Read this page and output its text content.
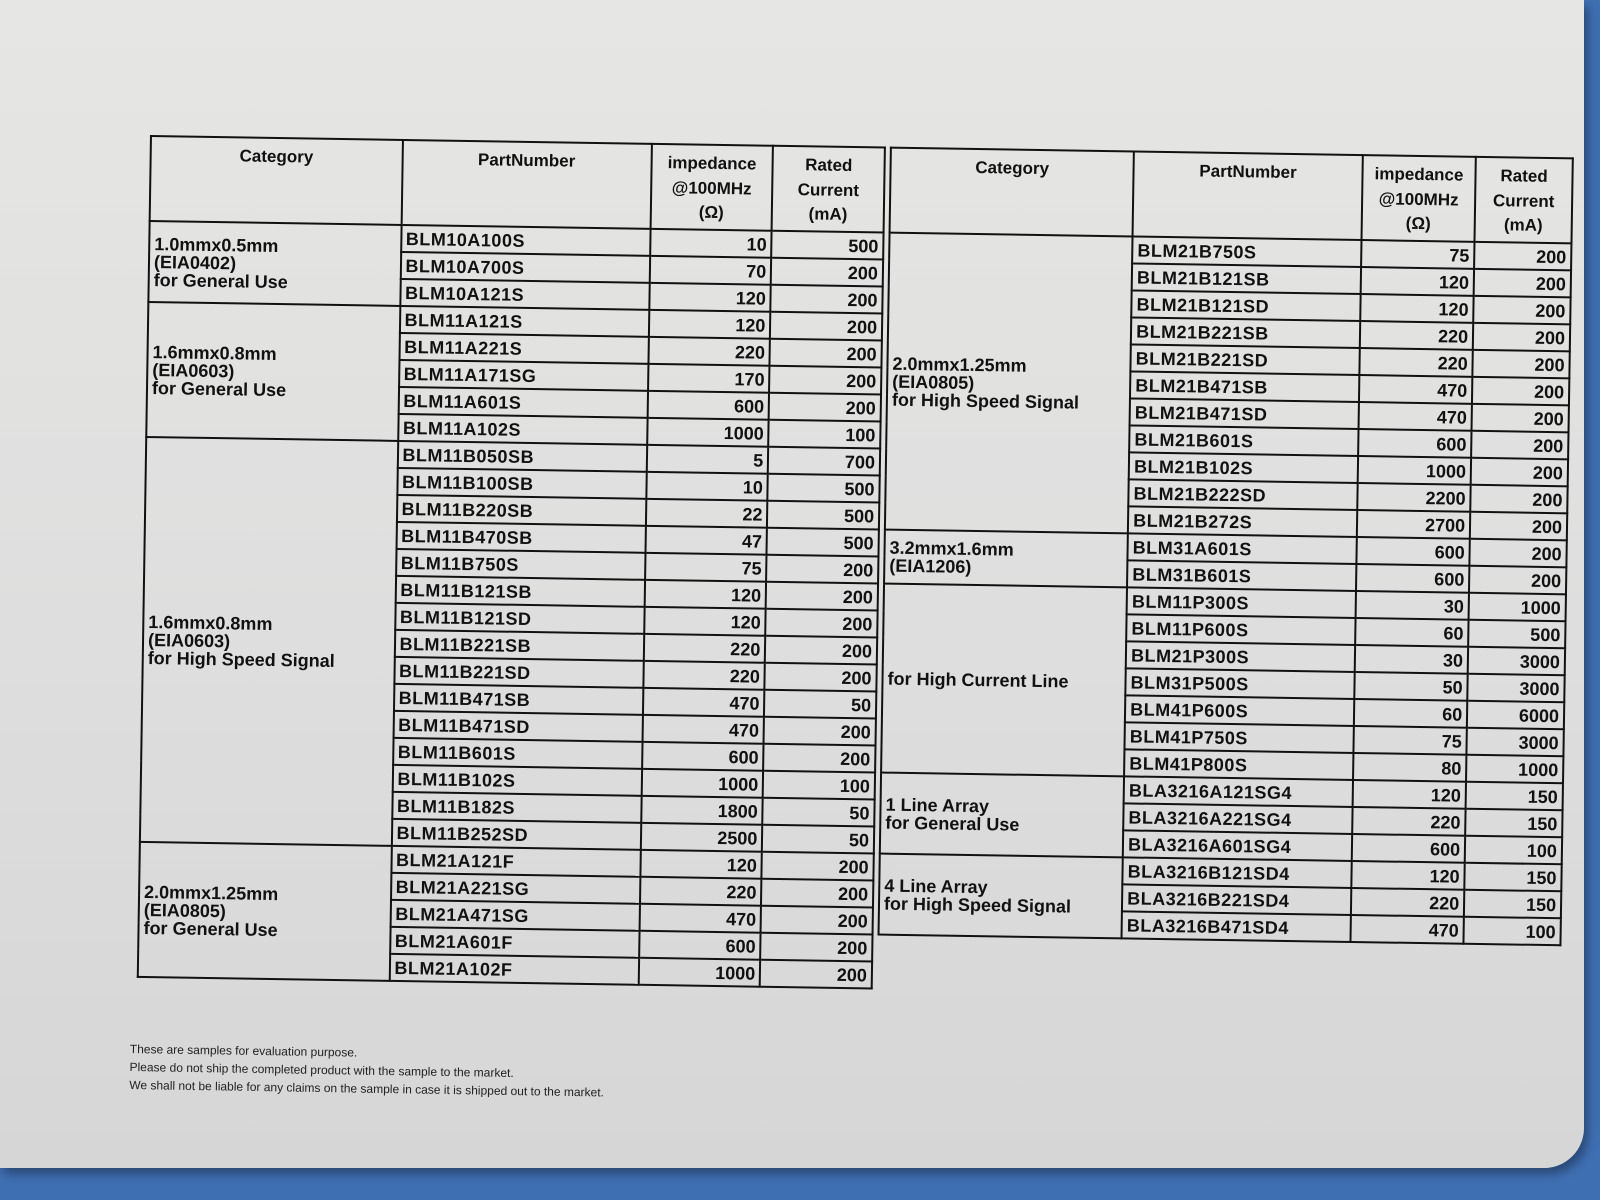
Category	PartNumber	impedance
@100MHz
(Ω)	Rated
Current
(mA)

1.0mmx0.5mm
(EIA0402)
for General Use	BLM10A100S	10	500
	BLM10A700S	70	200
	BLM10A121S	120	200

1.6mmx0.8mm
(EIA0603)
for General Use	BLM11A121S	120	200
	BLM11A221S	220	200
	BLM11A171SG	170	200
	BLM11A601S	600	200
	BLM11A102S	1000	100

1.6mmx0.8mm
(EIA0603)
for High Speed Signal	BLM11B050SB	5	700
	BLM11B100SB	10	500
	BLM11B220SB	22	500
	BLM11B470SB	47	500
	BLM11B750S	75	200
	BLM11B121SB	120	200
	BLM11B121SD	120	200
	BLM11B221SB	220	200
	BLM11B221SD	220	200
	BLM11B471SB	470	50
	BLM11B471SD	470	200
	BLM11B601S	600	200
	BLM11B102S	1000	100
	BLM11B182S	1800	50
	BLM11B252SD	2500	50

2.0mmx1.25mm
(EIA0805)
for General Use	BLM21A121F	120	200
	BLM21A221SG	220	200
	BLM21A471SG	470	200
	BLM21A601F	600	200
	BLM21A102F	1000	200
Category	PartNumber	impedance
@100MHz
(Ω)	Rated
Current
(mA)

2.0mmx1.25mm
(EIA0805)
for High Speed Signal	BLM21B750S	75	200
	BLM21B121SB	120	200
	BLM21B121SD	120	200
	BLM21B221SB	220	200
	BLM21B221SD	220	200
	BLM21B471SB	470	200
	BLM21B471SD	470	200
	BLM21B601S	600	200
	BLM21B102S	1000	200
	BLM21B222SD	2200	200
	BLM21B272S	2700	200

3.2mmx1.6mm
(EIA1206)	BLM31A601S	600	200
	BLM31B601S	600	200

for High Current Line	BLM11P300S	30	1000
	BLM11P600S	60	500
	BLM21P300S	30	3000
	BLM31P500S	50	3000
	BLM41P600S	60	6000
	BLM41P750S	75	3000
	BLM41P800S	80	1000

1 Line Array
for General Use	BLA3216A121SG4	120	150
	BLA3216A221SG4	220	150
	BLA3216A601SG4	600	100

4 Line Array
for High Speed Signal	BLA3216B121SD4	120	150
	BLA3216B221SD4	220	150
	BLA3216B471SD4	470	100
These are samples for evaluation purpose.
Please do not ship the completed product with the sample to the market.
We shall not be liable for any claims on the sample in case it is shipped out to the market.
